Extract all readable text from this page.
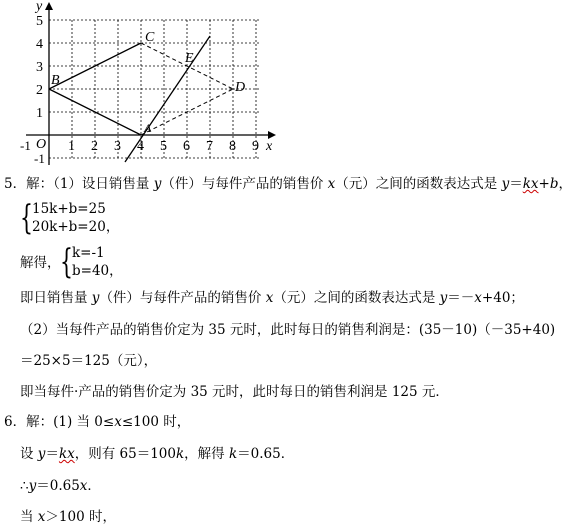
y
x
O
-1
-1
1 2 3 4 5 6 7 8 9
1
2
3
4
5
B
C
D
E
A
5．解：（1）设日销售量 y（件）与每件产品的销售价 x（元）之间的函数表达式是 y＝kx+b，
{ 15k+b=25
20k+b=20，
解得， { k=-1
b=40，
即日销售量 y（件）与每件产品的销售价 x（元）之间的函数表达式是 y＝－x+40；
（2）当每件产品的销售价定为 35 元时，此时每日的销售利润是：(35－10)（－35+40)
＝25×5＝125（元），
即当每件·产品的销售价定为 35 元时，此时每日的销售利润是 125 元．
6．解：(1) 当 0≤x≤100 时，
设 y＝kx，则有 65＝100k，解得 k＝0.65．
∴y＝0.65x．
当 x＞100 时，
